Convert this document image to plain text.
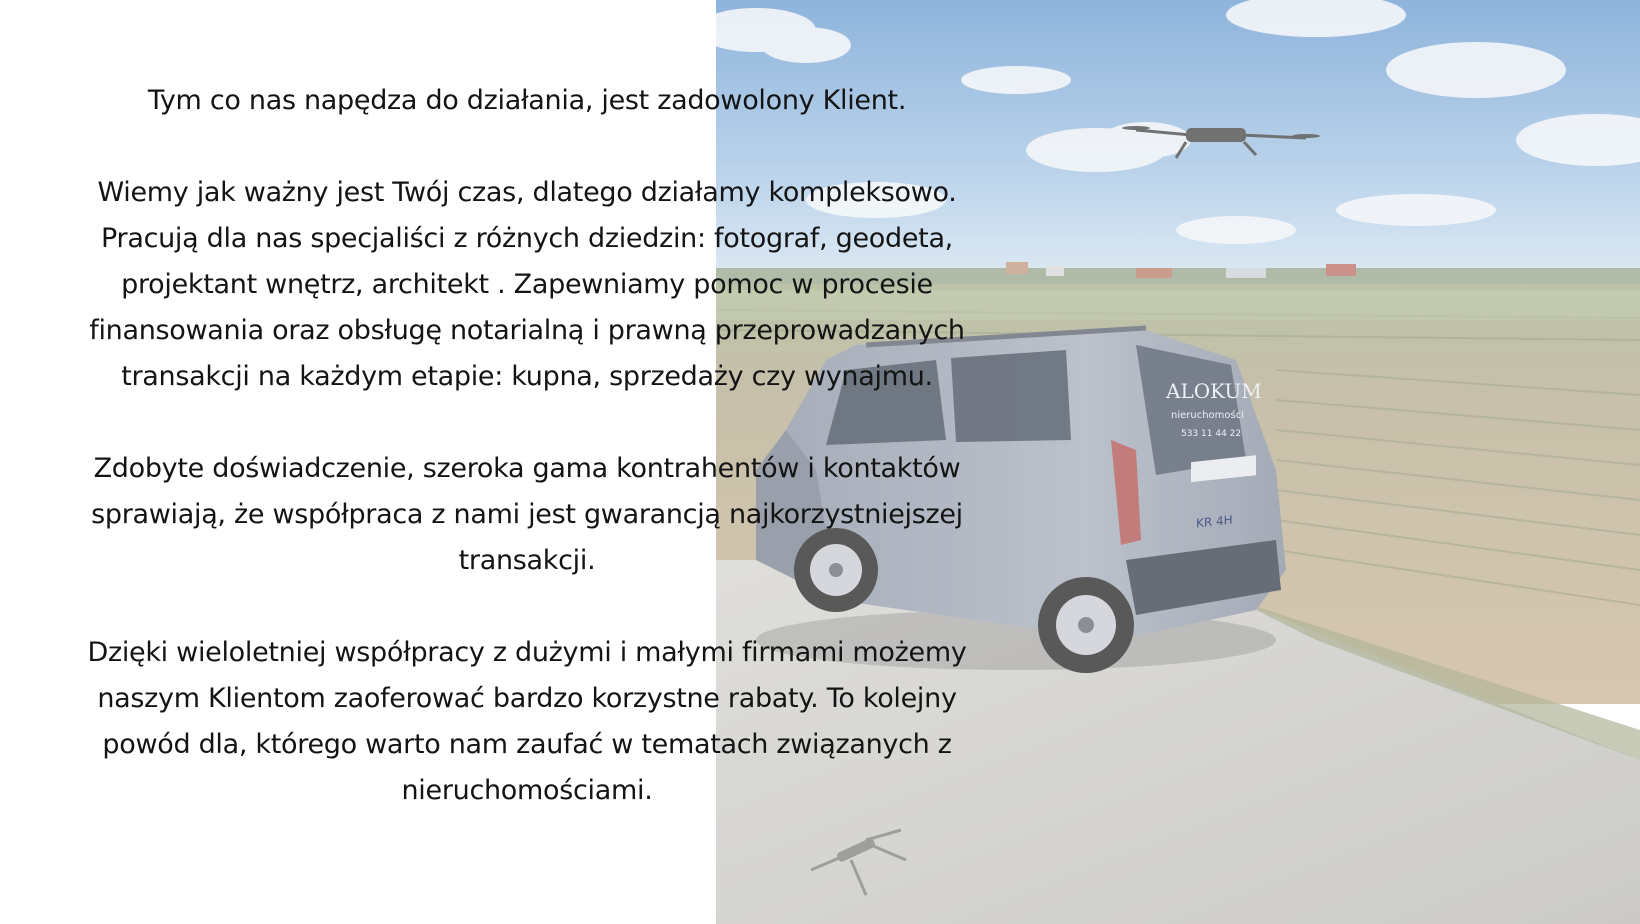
ALOKUM
nieruchomości
533 11 44 22
KR 4H

Tym co nas napędza do działania, jest zadowolony Klient.

Wiemy jak ważny jest Twój czas, dlatego działamy kompleksowo.
Pracują dla nas specjaliści z różnych dziedzin: fotograf, geodeta,
projektant wnętrz, architekt . Zapewniamy pomoc w procesie
finansowania oraz obsługę notarialną i prawną przeprowadzanych
transakcji na każdym etapie: kupna, sprzedaży czy wynajmu.

Zdobyte doświadczenie, szeroka gama kontrahentów i kontaktów
sprawiają, że współpraca z nami jest gwarancją najkorzystniejszej
transakcji.

Dzięki wieloletniej współpracy z dużymi i małymi firmami możemy
naszym Klientom zaoferować bardzo korzystne rabaty. To kolejny
powód dla, którego warto nam zaufać w tematach związanych z
nieruchomościami.
